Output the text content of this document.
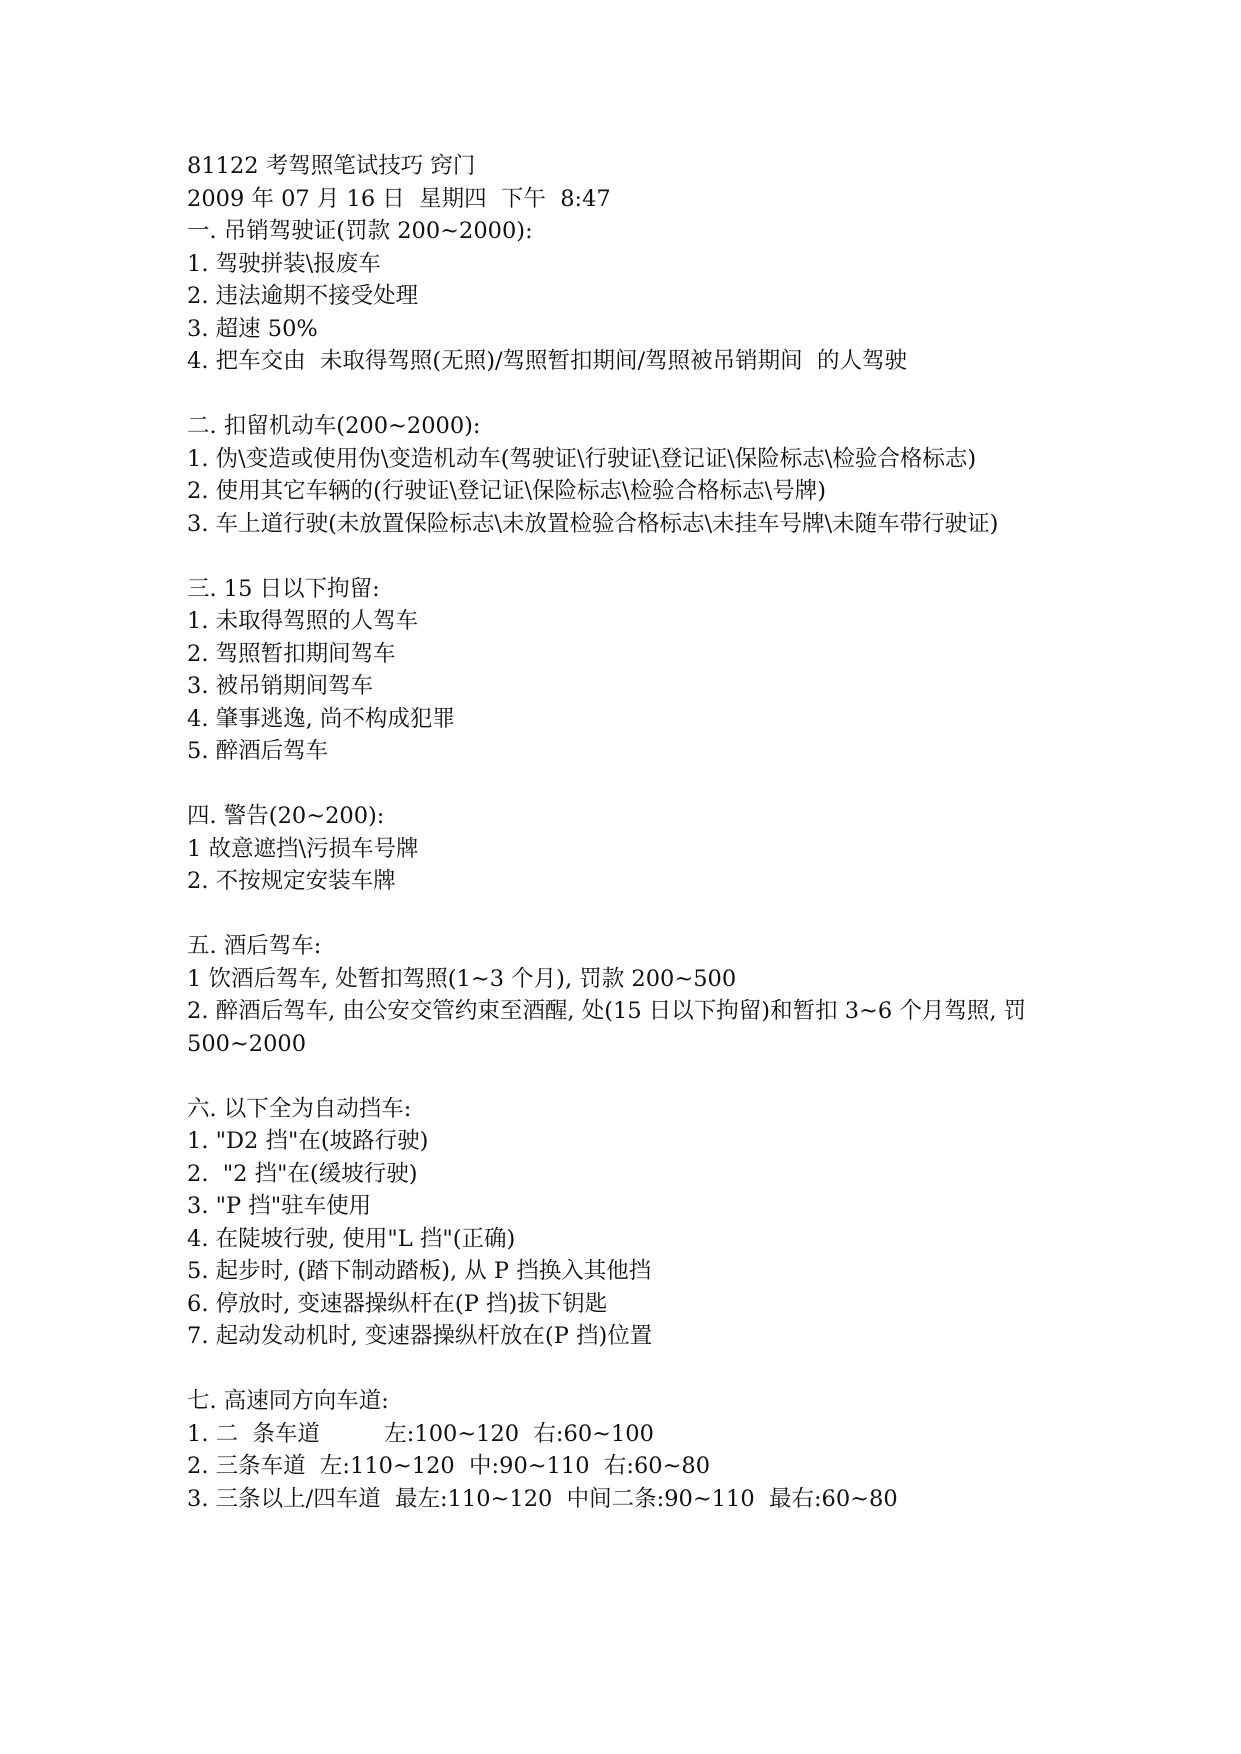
81122 考驾照笔试技巧 窍门

2009 年 07 月 16 日  星期四  下午  8:47

一. 吊销驾驶证(罚款 200~2000):

1. 驾驶拼装\报废车

2. 违法逾期不接受处理

3. 超速 50%

4. 把车交由  未取得驾照(无照)/驾照暂扣期间/驾照被吊销期间  的人驾驶

二. 扣留机动车(200~2000):

1. 伪\变造或使用伪\变造机动车(驾驶证\行驶证\登记证\保险标志\检验合格标志)

2. 使用其它车辆的(行驶证\登记证\保险标志\检验合格标志\号牌)

3. 车上道行驶(未放置保险标志\未放置检验合格标志\未挂车号牌\未随车带行驶证)

三. 15 日以下拘留:

1. 未取得驾照的人驾车

2. 驾照暂扣期间驾车

3. 被吊销期间驾车

4. 肇事逃逸, 尚不构成犯罪

5. 醉酒后驾车

四. 警告(20~200):

1 故意遮挡\污损车号牌

2. 不按规定安装车牌

五. 酒后驾车:

1 饮酒后驾车, 处暂扣驾照(1~3 个月), 罚款 200~500

2. 醉酒后驾车, 由公安交管约束至酒醒, 处(15 日以下拘留)和暂扣 3~6 个月驾照, 罚 500~2000

六. 以下全为自动挡车:

1. "D2 挡"在(坡路行驶)

2.  "2 挡"在(缓坡行驶)

3. "P 挡"驻车使用

4. 在陡坡行驶, 使用"L 挡"(正确)

5. 起步时, (踏下制动踏板), 从 P 挡换入其他挡

6. 停放时, 变速器操纵杆在(P 挡)拔下钥匙

7. 起动发动机时, 变速器操纵杆放在(P 挡)位置

七. 高速同方向车道:

1. 二  条车道         左:100~120  右:60~100

2. 三条车道  左:110~120  中:90~110  右:60~80

3. 三条以上/四车道  最左:110~120  中间二条:90~110  最右:60~80
